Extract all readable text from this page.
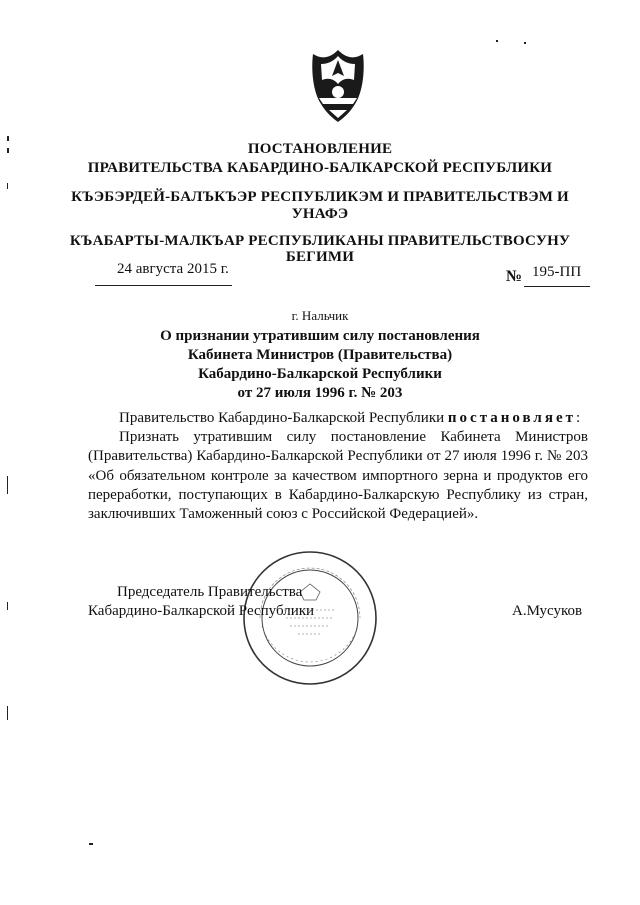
ПОСТАНОВЛЕНИЕ
ПРАВИТЕЛЬСТВА КАБАРДИНО-БАЛКАРСКОЙ РЕСПУБЛИКИ
КЪЭБЭРДЕЙ-БАЛЪКЪЭР РЕСПУБЛИКЭМ И ПРАВИТЕЛЬСТВЭМ И
УНАФЭ
КЪАБАРТЫ-МАЛКЪАР РЕСПУБЛИКАНЫ ПРАВИТЕЛЬСТВОСУНУ
БЕГИМИ
24 августа 2015 г.	№ 195-ПП
г. Нальчик
О признании утратившим силу постановления
Кабинета Министров (Правительства)
Кабардино-Балкарской Республики
от 27 июля 1996 г. № 203
Правительство Кабардино-Балкарской Республики постановляет:
Признать утратившим силу постановление Кабинета Министров (Правительства) Кабардино-Балкарской Республики от 27 июля 1996 г. № 203 «Об обязательном контроле за качеством импортного зерна и продуктов его переработки, поступающих в Кабардино-Балкарскую Республику из стран, заключивших Таможенный союз с Российской Федерацией».
Председатель Правительства
Кабардино-Балкарской Республики	А.Мусуков
